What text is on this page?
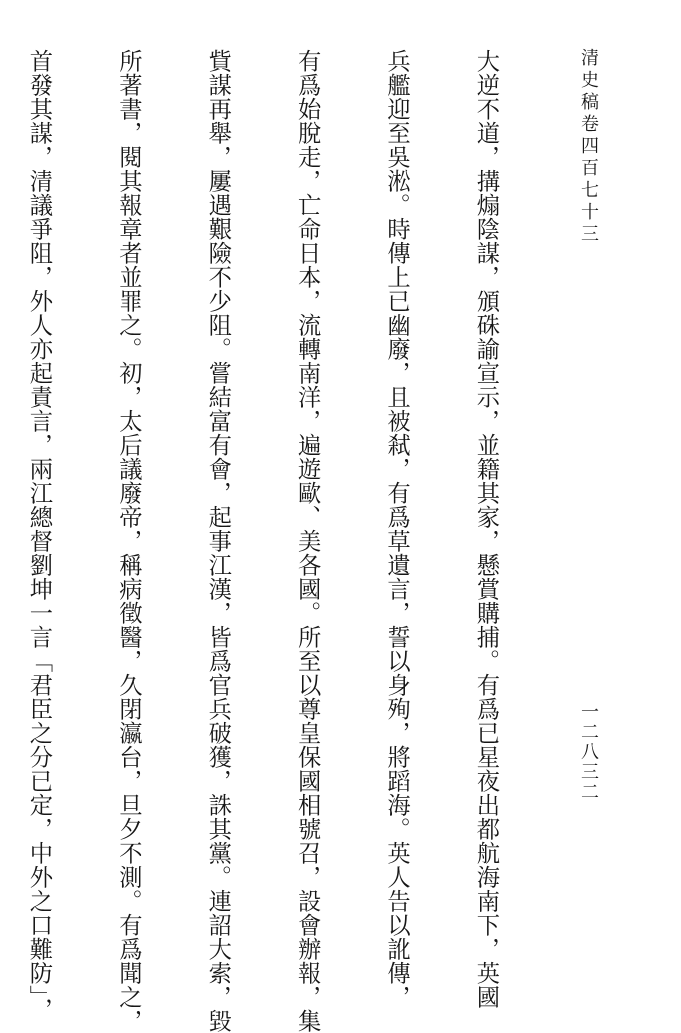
清史稿卷四百七十三
一二八三二

大逆不道，搆煽陰謀，頒硃諭宣示，並籍其家，懸賞購捕。有爲已星夜出都航海南下，英國

兵艦迎至吳淞。時傳上已幽廢，且被弒，有爲草遺言，誓以身殉，將蹈海。英人告以訛傳，

有爲始脫走，亡命日本，流轉南洋，遍遊歐、美各國。所至以尊皇保國相號召，設會辦報，集

貲謀再舉，屢遇艱險不少阻。嘗結富有會，起事江漢，皆爲官兵破獲，誅其黨。連詔大索，毀

所著書，閱其報章者並罪之。初，太后議廢帝，稱病徵醫，久閉瀛台，旦夕不測。有爲聞之，

首發其謀，清議爭阻，外人亦起責言，兩江總督劉坤一言「君臣之分已定，中外之口難防」，
